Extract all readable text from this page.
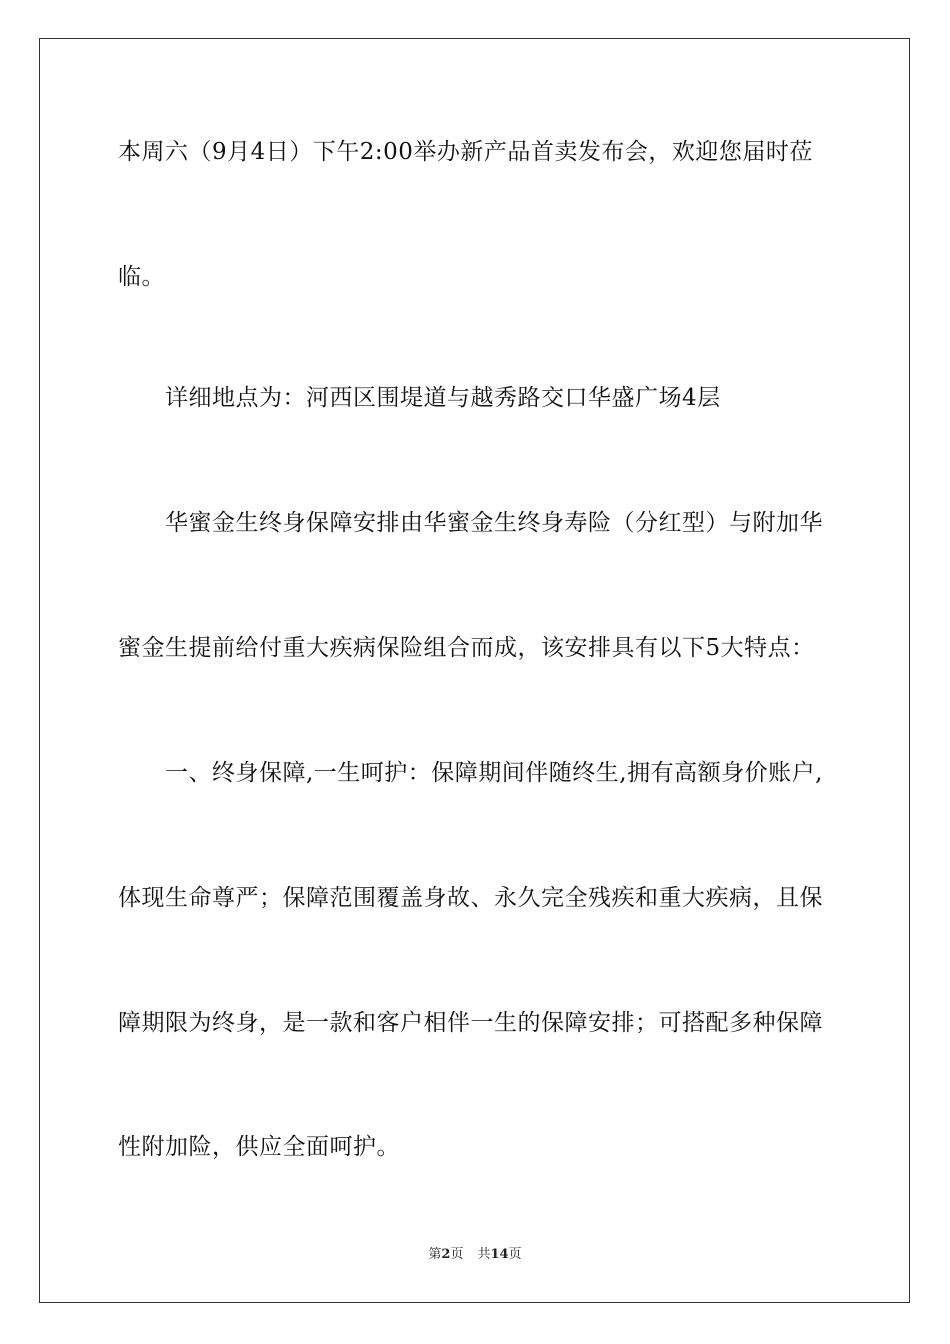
本周六（9月4日）下午2:00举办新产品首卖发布会，欢迎您届时莅
临。
详细地点为：河西区围堤道与越秀路交口华盛广场4层
华蜜金生终身保障安排由华蜜金生终身寿险（分红型）与附加华
蜜金生提前给付重大疾病保险组合而成，该安排具有以下5大特点：
一、终身保障,一生呵护：保障期间伴随终生,拥有高额身价账户,
体现生命尊严；保障范围覆盖身故、永久完全残疾和重大疾病，且保
障期限为终身，是一款和客户相伴一生的保障安排；可搭配多种保障
性附加险，供应全面呵护。
第2页 共14页
